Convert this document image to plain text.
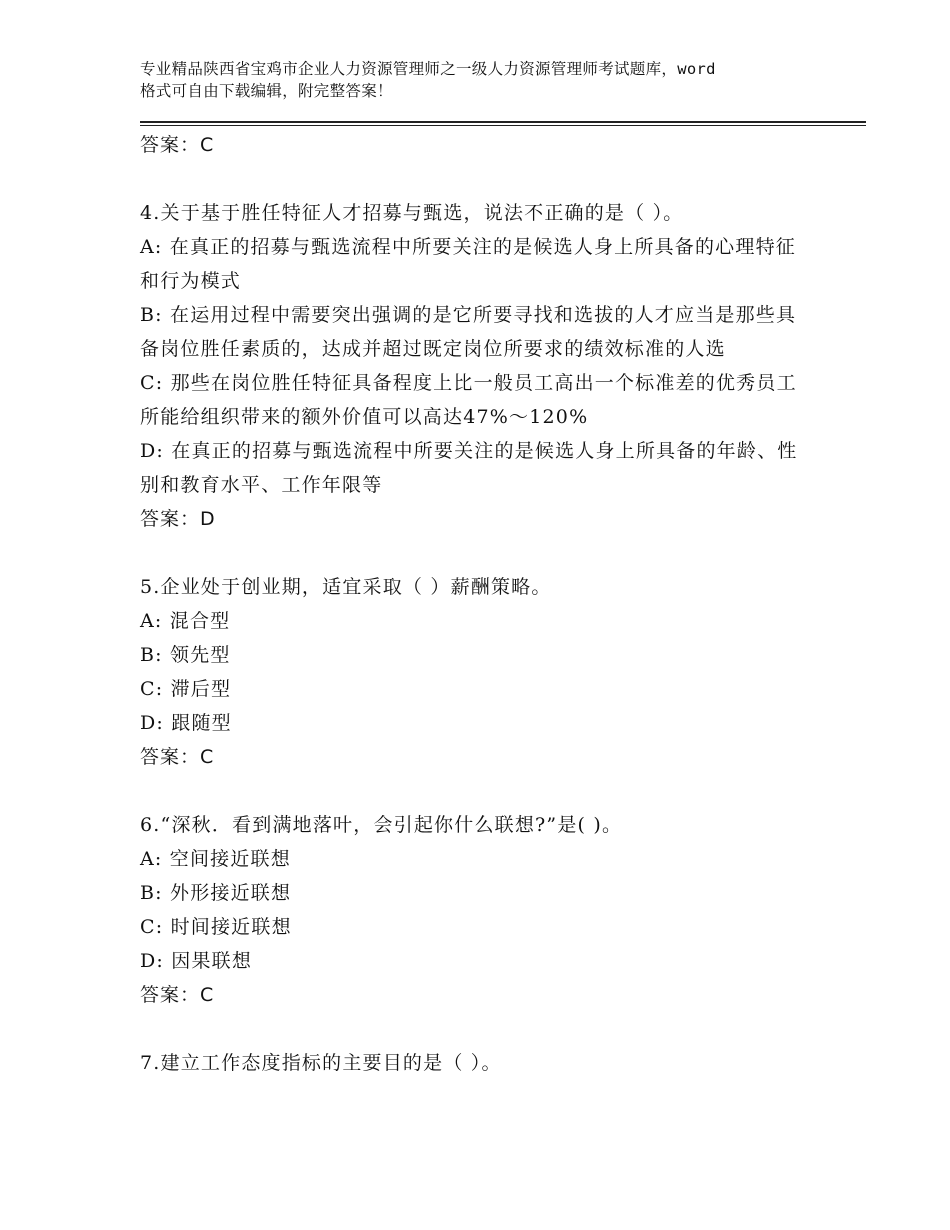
专业精品陕西省宝鸡市企业人力资源管理师之一级人力资源管理师考试题库，word
格式可自由下载编辑，附完整答案！

答案：C

4.关于基于胜任特征人才招募与甄选，说法不正确的是（ ）。

A: 在真正的招募与甄选流程中所要关注的是候选人身上所具备的心理特征和行为模式

B: 在运用过程中需要突出强调的是它所要寻找和选拔的人才应当是那些具备岗位胜任素质的，达成并超过既定岗位所要求的绩效标准的人选

C: 那些在岗位胜任特征具备程度上比一般员工高出一个标准差的优秀员工所能给组织带来的额外价值可以高达47%～120%

D: 在真正的招募与甄选流程中所要关注的是候选人身上所具备的年龄、性别和教育水平、工作年限等

答案：D

5.企业处于创业期，适宜采取（ ）薪酬策略。

A: 混合型

B: 领先型

C: 滞后型

D: 跟随型

答案：C

6.“深秋．看到满地落叶，会引起你什么联想?”是( )。

A: 空间接近联想

B: 外形接近联想

C: 时间接近联想

D: 因果联想

答案：C

7.建立工作态度指标的主要目的是（ ）。
